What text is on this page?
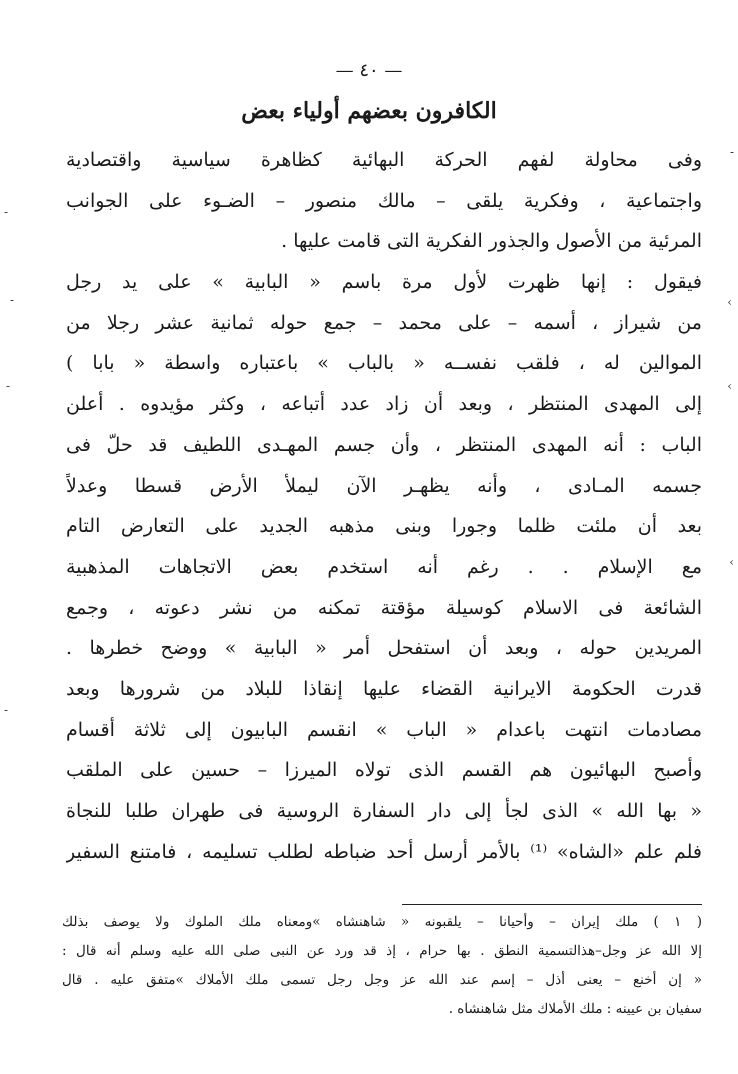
— ٤٠ —
الكافرون بعضهم أولياء بعض
وفى محاولة لفهم الحركة البهائية كظاهرة سياسية واقتصادية
واجتماعية ، وفكرية يلقى – مالك منصور – الضـوء على الجوانب
المرئية من الأصول والجذور الفكرية التى قامت عليها .
فيقول : إنها ظهرت لأول مرة باسم « البابية » على يد رجل
من شيراز ، أسمه – على محمد – جمع حوله ثمانية عشر رجلا من
الموالين له ، فلقب نفســه « بالباب » باعتباره واسطة « بابا )
إلى المهدى المنتظر ، وبعد أن زاد عدد أتباعه ، وكثر مؤيدوه . أعلن
الباب : أنه المهدى المنتظر ، وأن جسم المهـدى اللطيف قد حلّ فى
جسمه المـادى ، وأنه يظهـر الآن ليملأ الأرض قسطا وعدلاً
بعد أن ملئت ظلما وجورا وبنى مذهبه الجديد على التعارض التام
مع الإسلام . . رغم أنه استخدم بعض الاتجاهات المذهبية
الشائعة فى الاسلام كوسيلة مؤقتة تمكنه من نشر دعوته ، وجمع
المريدين حوله ، وبعد أن استفحل أمر « البابية » ووضح خطرها .
قدرت الحكومة الايرانية القضاء عليها إنقاذا للبلاد من شرورها وبعد
مصادمات انتهت باعدام « الباب » انقسم البابيون إلى ثلاثة أقسام
وأصبح البهائيون هم القسم الذى تولاه الميرزا – حسين على الملقب
« بها الله » الذى لجأ إلى دار السفارة الروسية فى طهران طلبا للنجاة
فلم علم «الشاه» ⁽¹⁾ بالأمر أرسل أحد ضباطه لطلب تسليمه ، فامتنع السفير
( ١ ) ملك إيران – وأحيانا – يلقبونه « شاهنشاه »ومعناه ملك الملوك ولا يوصف بذلك
إلا الله عز وجل–هذالتسمية النطق . بها حرام ، إذ قد ورد عن النبى صلى الله عليه وسلم أنه قال :
« إن أخنع – يعنى أذل – إسم عند الله عز وجل رجل تسمى ملك الأملاك »متفق عليه . قال
سفيان بن عيينه : ملك الأملاك مثل شاهنشاه .
-
-
-
-
‹
‹
‹
-
